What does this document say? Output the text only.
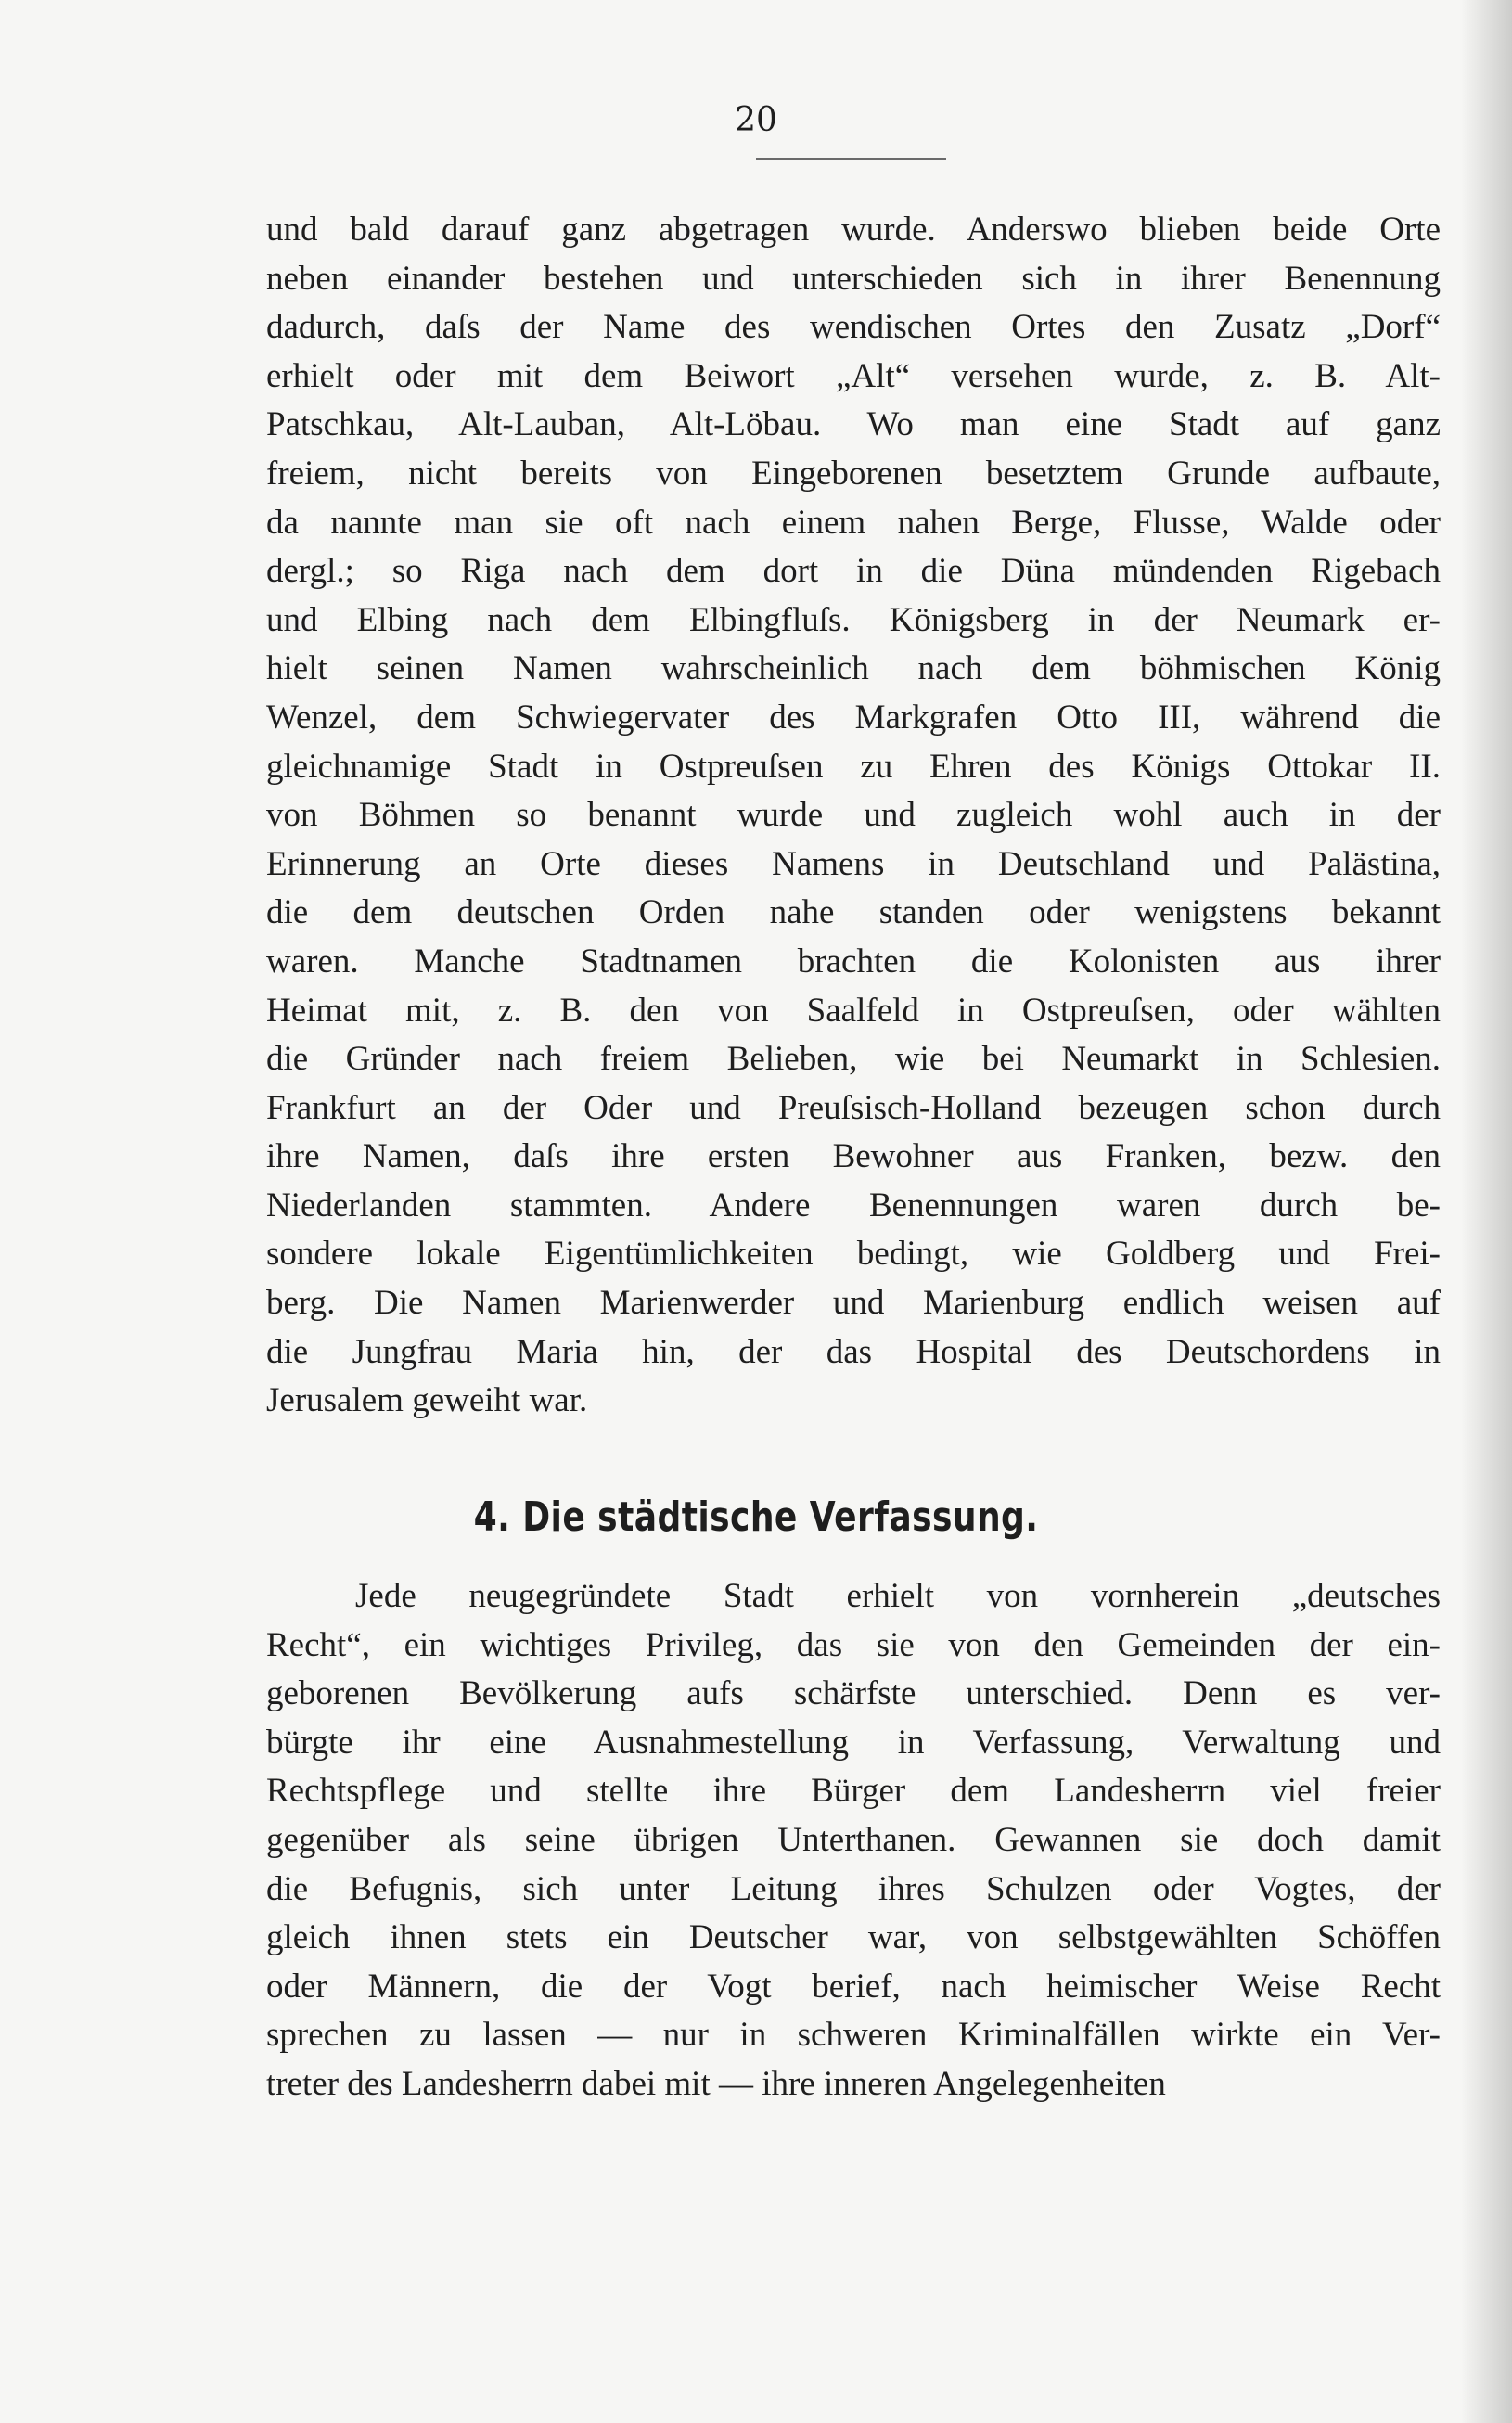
20
und bald darauf ganz abgetragen wurde. Anderswo blieben beide Orte
neben einander bestehen und unterschieden sich in ihrer Benennung
dadurch, daſs der Name des wendischen Ortes den Zusatz „Dorf“
erhielt oder mit dem Beiwort „Alt“ versehen wurde, z. B. Alt-
Patschkau, Alt-Lauban, Alt-Löbau. Wo man eine Stadt auf ganz
freiem, nicht bereits von Eingeborenen besetztem Grunde aufbaute,
da nannte man sie oft nach einem nahen Berge, Flusse, Walde oder
dergl.; so Riga nach dem dort in die Düna mündenden Rigebach
und Elbing nach dem Elbingfluſs. Königsberg in der Neumark er-
hielt seinen Namen wahrscheinlich nach dem böhmischen König
Wenzel, dem Schwiegervater des Markgrafen Otto III, während die
gleichnamige Stadt in Ostpreuſsen zu Ehren des Königs Ottokar II.
von Böhmen so benannt wurde und zugleich wohl auch in der
Erinnerung an Orte dieses Namens in Deutschland und Palästina,
die dem deutschen Orden nahe standen oder wenigstens bekannt
waren. Manche Stadtnamen brachten die Kolonisten aus ihrer
Heimat mit, z. B. den von Saalfeld in Ostpreuſsen, oder wählten
die Gründer nach freiem Belieben, wie bei Neumarkt in Schlesien.
Frankfurt an der Oder und Preuſsisch-Holland bezeugen schon durch
ihre Namen, daſs ihre ersten Bewohner aus Franken, bezw. den
Niederlanden stammten. Andere Benennungen waren durch be-
sondere lokale Eigentümlichkeiten bedingt, wie Goldberg und Frei-
berg. Die Namen Marienwerder und Marienburg endlich weisen auf
die Jungfrau Maria hin, der das Hospital des Deutschordens in
Jerusalem geweiht war.
4. Die städtische Verfassung.
Jede neugegründete Stadt erhielt von vornherein „deutsches
Recht“, ein wichtiges Privileg, das sie von den Gemeinden der ein-
geborenen Bevölkerung aufs schärfste unterschied. Denn es ver-
bürgte ihr eine Ausnahmestellung in Verfassung, Verwaltung und
Rechtspflege und stellte ihre Bürger dem Landesherrn viel freier
gegenüber als seine übrigen Unterthanen. Gewannen sie doch damit
die Befugnis, sich unter Leitung ihres Schulzen oder Vogtes, der
gleich ihnen stets ein Deutscher war, von selbstgewählten Schöffen
oder Männern, die der Vogt berief, nach heimischer Weise Recht
sprechen zu lassen — nur in schweren Kriminalfällen wirkte ein Ver-
treter des Landesherrn dabei mit — ihre inneren Angelegenheiten
